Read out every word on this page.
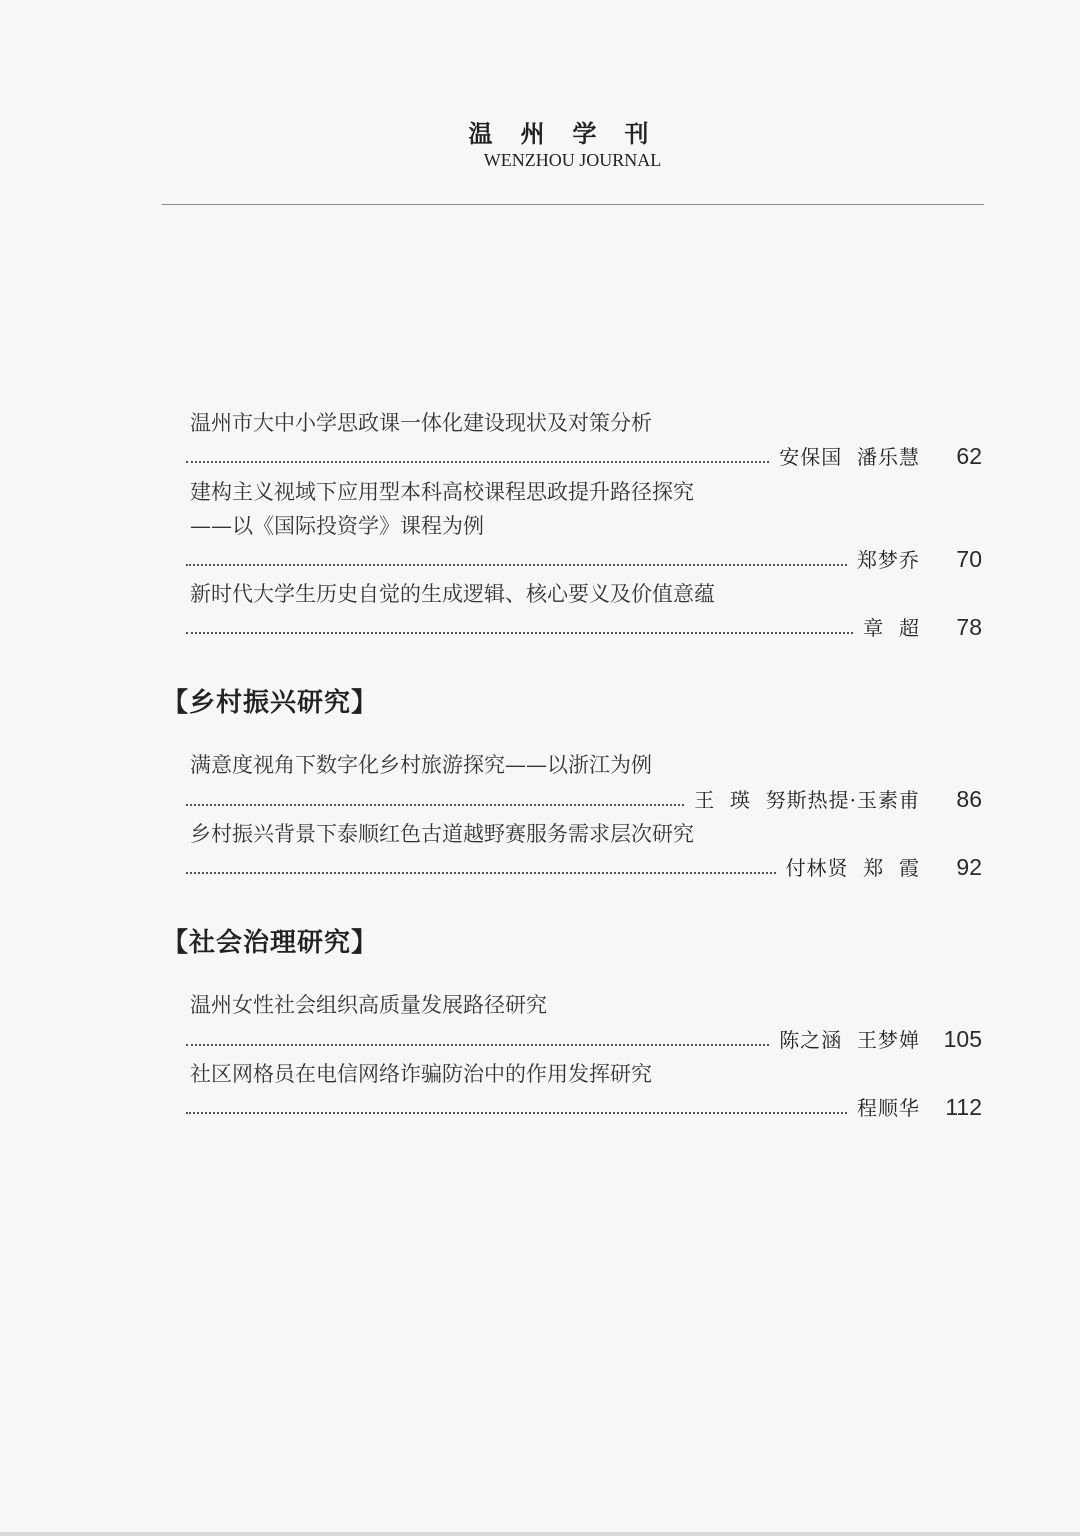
温州学刊
WENZHOU JOURNAL
温州市大中小学思政课一体化建设现状及对策分析
安保国  潘乐慧	62
建构主义视域下应用型本科高校课程思政提升路径探究
——以《国际投资学》课程为例
郑梦乔	70
新时代大学生历史自觉的生成逻辑、核心要义及价值意蕴
章  超	78
【乡村振兴研究】
满意度视角下数字化乡村旅游探究——以浙江为例
王  瑛  努斯热提·玉素甫	86
乡村振兴背景下泰顺红色古道越野赛服务需求层次研究
付林贤  郑  霞	92
【社会治理研究】
温州女性社会组织高质量发展路径研究
陈之涵  王梦婵	105
社区网格员在电信网络诈骗防治中的作用发挥研究
程顺华	112
